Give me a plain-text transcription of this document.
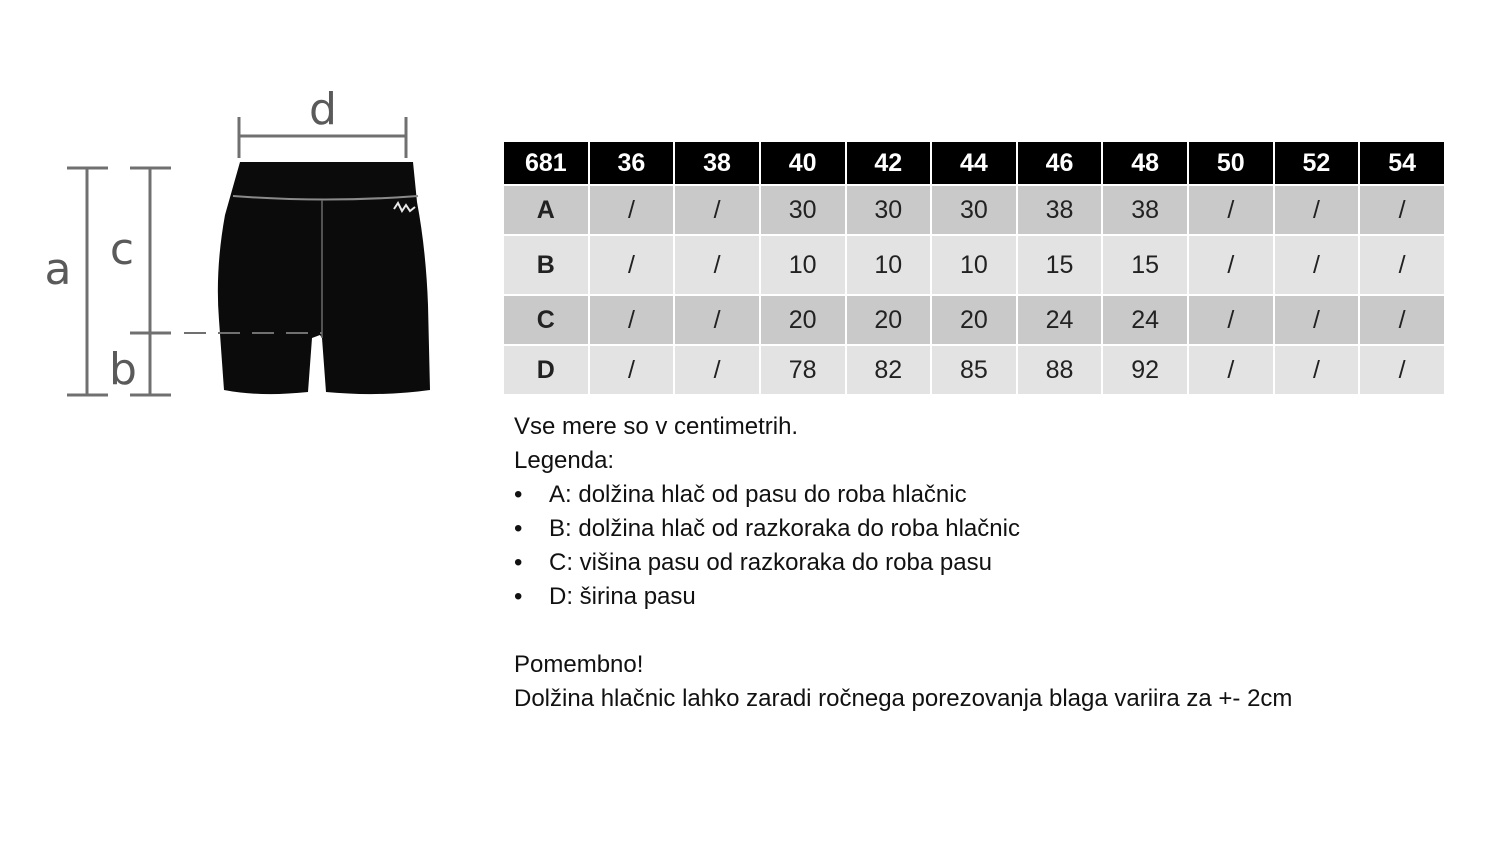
d
a c
b
681	36	38	40	42	44	46	48	50	52	54
A	/	/	30	30	30	38	38	/	/	/
B	/	/	10	10	10	15	15	/	/	/
C	/	/	20	20	20	24	24	/	/	/
D	/	/	78	82	85	88	92	/	/	/
Vse mere so v centimetrih.
Legenda:
• A: dolžina hlač od pasu do roba hlačnic
• B: dolžina hlač od razkoraka do roba hlačnic
• C: višina pasu od razkoraka do roba pasu
• D: širina pasu
Pomembno!
Dolžina hlačnic lahko zaradi ročnega porezovanja blaga variira za +- 2cm
